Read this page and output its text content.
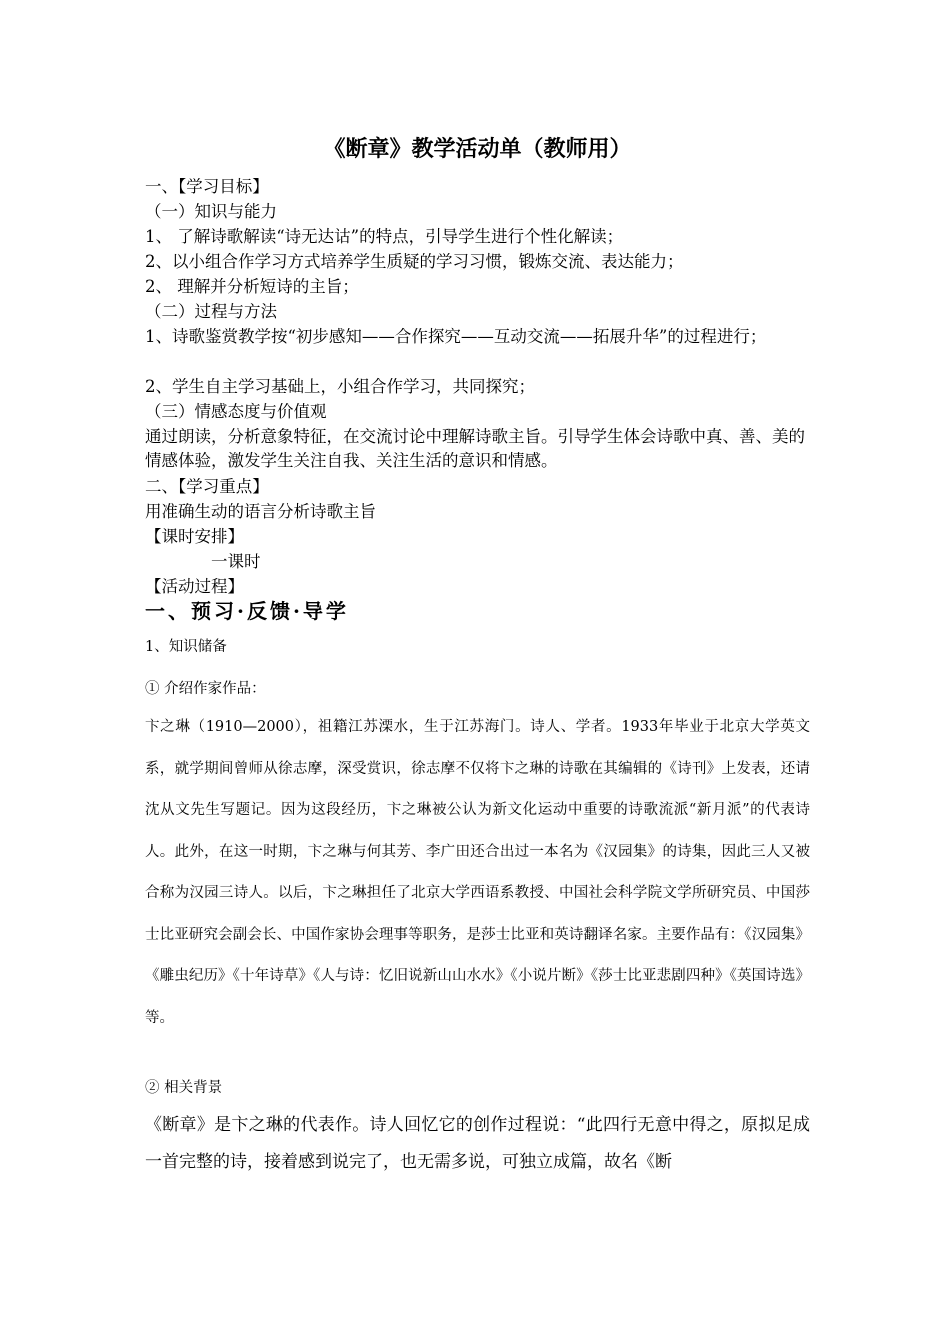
《断章》教学活动单（教师用）

一、【学习目标】

（一）知识与能力

1、 了解诗歌解读“诗无达诂”的特点，引导学生进行个性化解读；

2、以小组合作学习方式培养学生质疑的学习习惯，锻炼交流、表达能力；

2、 理解并分析短诗的主旨；

（二）过程与方法

1、诗歌鉴赏教学按“初步感知——合作探究——互动交流——拓展升华”的过程进行；

2、学生自主学习基础上，小组合作学习，共同探究；

（三）情感态度与价值观

通过朗读，分析意象特征，在交流讨论中理解诗歌主旨。引导学生体会诗歌中真、善、美的情感体验，激发学生关注自我、关注生活的意识和情感。

二、【学习重点】

用准确生动的语言分析诗歌主旨

【课时安排】

一课时

【活动过程】

一、预习·反馈·导学

1、知识储备

① 介绍作家作品：

卞之琳（1910—2000），祖籍江苏溧水，生于江苏海门。诗人、学者。1933年毕业于北京大学英文系，就学期间曾师从徐志摩，深受赏识，徐志摩不仅将卞之琳的诗歌在其编辑的《诗刊》上发表，还请沈从文先生写题记。因为这段经历，卞之琳被公认为新文化运动中重要的诗歌流派“新月派”的代表诗人。此外，在这一时期，卞之琳与何其芳、李广田还合出过一本名为《汉园集》的诗集，因此三人又被合称为汉园三诗人。以后，卞之琳担任了北京大学西语系教授、中国社会科学院文学所研究员、中国莎士比亚研究会副会长、中国作家协会理事等职务，是莎士比亚和英诗翻译名家。主要作品有：《汉园集》《雕虫纪历》《十年诗草》《人与诗：忆旧说新山山水水》《小说片断》《莎士比亚悲剧四种》《英国诗选》等。

② 相关背景

《断章》是卞之琳的代表作。诗人回忆它的创作过程说：“此四行无意中得之，原拟足成一首完整的诗，接着感到说完了，也无需多说，可独立成篇，故名《断
